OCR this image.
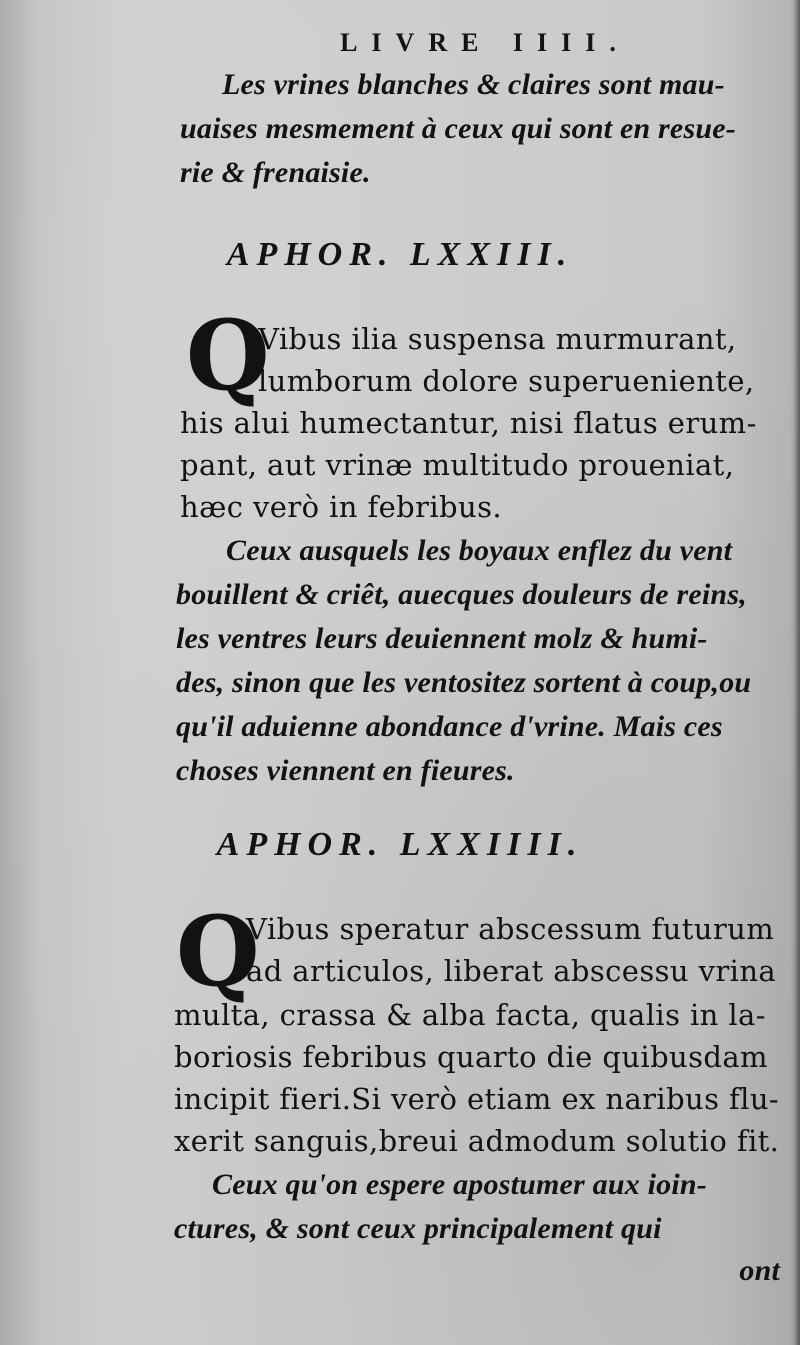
LIVRE IIII.
Les vrines blanches & claires sont mau-
uaises mesmement à ceux qui sont en resue-
rie & frenaisie.
APHOR. LXXIII.
Q
Vibus ilia suspensa murmurant,
lumborum dolore superueniente,
his alui humectantur, nisi flatus erum-
pant, aut vrinæ multitudo proueniat,
hæc verò in febribus.
Ceux ausquels les boyaux enflez du vent
bouillent & criêt, auecques douleurs de reins,
les ventres leurs deuiennent molz & humi-
des, sinon que les ventositez sortent à coup,ou
qu'il aduienne abondance d'vrine. Mais ces
choses viennent en fieures.
APHOR. LXXIIII.
Q
Vibus speratur abscessum futurum
ad articulos, liberat abscessu vrina
multa, crassa & alba facta, qualis in la-
boriosis febribus quarto die quibusdam
incipit fieri.Si verò etiam ex naribus flu-
xerit sanguis,breui admodum solutio fit.
Ceux qu'on espere apostumer aux ioin-
ctures, & sont ceux principalement qui
ont
